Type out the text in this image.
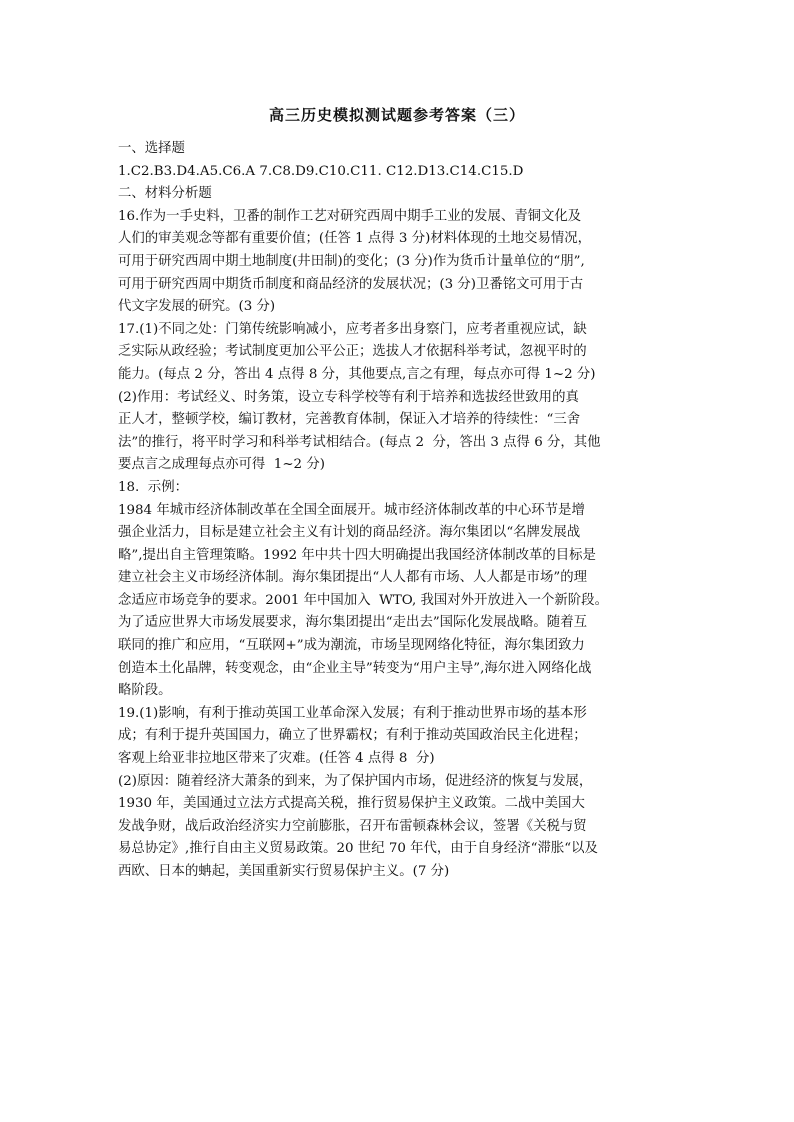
高三历史模拟测试题参考答案（三）
一、选择题
1.C2.B3.D4.A5.C6.A 7.C8.D9.C10.C11. C12.D13.C14.C15.D
二、材料分析题
16.作为一手史料，卫番的制作工艺对研究西周中期手工业的发展、青铜文化及
人们的审美观念等都有重要价值；(任答 1 点得 3 分)材料体现的土地交易情况，
可用于研究西周中期土地制度(井田制)的变化；(3 分)作为货币计量单位的“朋”,
可用于研究西周中期货币制度和商品经济的发展状况；(3 分)卫番铭文可用于古
代文字发展的研究。(3 分)
17.(1)不同之处：门第传统影响减小，应考者多出身察门，应考者重视应试，缺
乏实际从政经验；考试制度更加公平公正；选拔人才依据科举考试，忽视平时的
能力。(每点 2 分，答出 4 点得 8 分，其他要点,言之有理，每点亦可得 1~2 分)
(2)作用：考试经义、时务策，设立专科学校等有利于培养和选拔经世致用的真
正人才，整顿学校，编订教材，完善教育体制，保证入才培养的待续性：“三舍
法”的推行，将平时学习和科举考试相结合。(每点 2  分，答出 3 点得 6 分，其他
要点言之成理每点亦可得  1~2 分)
18.  示例：
1984 年城市经济体制改革在全国全面展开。城市经济体制改革的中心环节是增
强企业活力，目标是建立社会主义有计划的商品经济。海尔集团以“名牌发展战
略”,提出自主管理策略。1992 年中共十四大明确提出我国经济体制改革的目标是
建立社会主义市场经济体制。海尔集团提出“人人都有市场、人人都是市场”的理
念适应市场竞争的要求。2001 年中国加入  WTO, 我国对外开放进入一个新阶段。
为了适应世界大市场发展要求，海尔集团提出“走出去”国际化发展战略。随着互
联同的推广和应用，“互联网+”成为潮流，市场呈现网络化特征，海尔集团致力
创造本土化晶牌，转变观念，由“企业主导”转变为“用户主导”,海尔进入网络化战
略阶段。
19.(1)影响，有利于推动英国工业革命深入发展；有利于推动世界市场的基本形
成；有利于提升英国国力，确立了世界霸权；有利于推动英国政治民主化进程；
客观上给亚非拉地区带来了灾难。(任答 4 点得 8  分)
(2)原因：随着经济大萧条的到来，为了保护国内市场，促进经济的恢复与发展，
1930 年，美国通过立法方式提高关税，推行贸易保护主义政策。二战中美国大
发战争财，战后政治经济实力空前膨胀，召开布雷顿森林会议，签署《关税与贸
易总协定》,推行自由主义贸易政策。20 世纪 70 年代，由于自身经济“滞胀“以及
西欧、日本的蚺起，美国重新实行贸易保护主义。(7 分)
